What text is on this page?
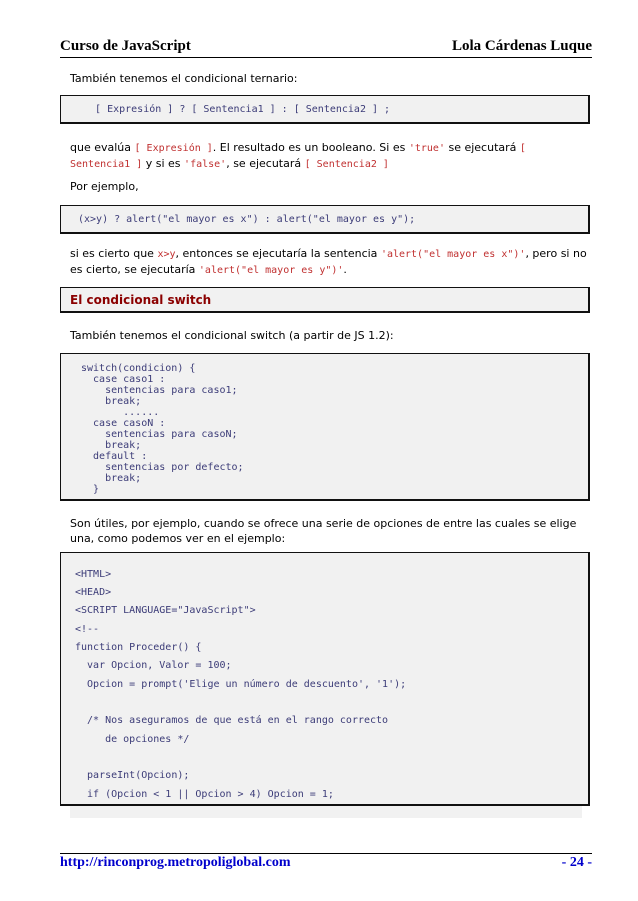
Curso de JavaScript	Lola Cárdenas Luque

También tenemos el condicional ternario:

[ Expresión ] ? [ Sentencia1 ] : [ Sentencia2 ] ;

que evalúa [ Expresión ]. El resultado es un booleano. Si es 'true' se ejecutará [ Sentencia1 ] y si es 'false', se ejecutará [ Sentencia2 ]

Por ejemplo,

(x>y) ? alert("el mayor es x") : alert("el mayor es y");

si es cierto que x>y, entonces se ejecutaría la sentencia 'alert("el mayor es x")', pero si no es cierto, se ejecutaría 'alert("el mayor es y")'.

El condicional switch

También tenemos el condicional switch (a partir de JS 1.2):

switch(condicion) {
case caso1 :
sentencias para caso1;
break;
......
case casoN :
sentencias para casoN;
break;
default :
sentencias por defecto;
break;
}

Son útiles, por ejemplo, cuando se ofrece una serie de opciones de entre las cuales se elige una, como podemos ver en el ejemplo:

<HTML>
<HEAD>
<SCRIPT LANGUAGE="JavaScript">
<!--
function Proceder() {
var Opcion, Valor = 100;
Opcion = prompt('Elige un número de descuento', '1');
/* Nos aseguramos de que está en el rango correcto
de opciones */
parseInt(Opcion);
if (Opcion < 1 || Opcion > 4) Opcion = 1;
http://rinconprog.metropoliglobal.com	- 24 -
